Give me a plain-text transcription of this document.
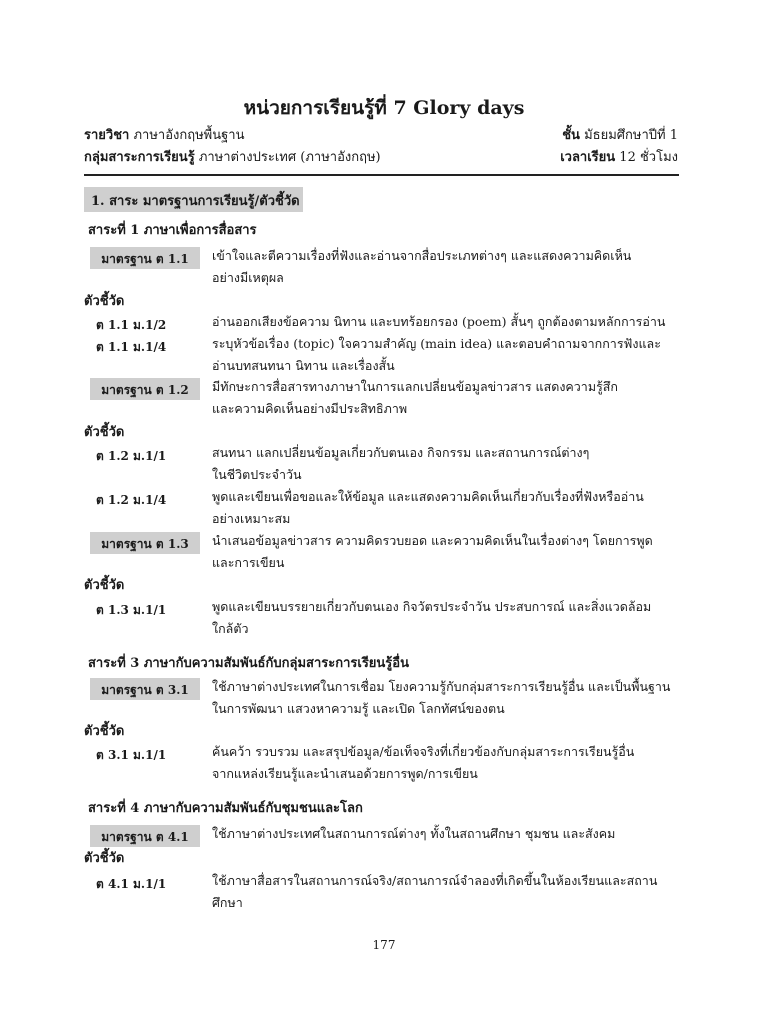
หน่วยการเรียนรู้ที่ 7 Glory days
รายวิชา ภาษาอังกฤษพื้นฐาน	ชั้น มัธยมศึกษาปีที่ 1
กลุ่มสาระการเรียนรู้ ภาษาต่างประเทศ (ภาษาอังกฤษ)	เวลาเรียน 12 ชั่วโมง
1. สาระ มาตรฐานการเรียนรู้/ตัวชี้วัด
สาระที่ 1 ภาษาเพื่อการสื่อสาร
มาตรฐาน ต 1.1	เข้าใจและตีความเรื่องที่ฟังและอ่านจากสื่อประเภทต่างๆ และแสดงความคิดเห็น
อย่างมีเหตุผล
ตัวชี้วัด
ต 1.1 ม.1/2	อ่านออกเสียงข้อความ นิทาน และบทร้อยกรอง (poem) สั้นๆ ถูกต้องตามหลักการอ่าน
ต 1.1 ม.1/4	ระบุหัวข้อเรื่อง (topic) ใจความสำคัญ (main idea) และตอบคำถามจากการฟังและ
อ่านบทสนทนา นิทาน และเรื่องสั้น
มาตรฐาน ต 1.2	มีทักษะการสื่อสารทางภาษาในการแลกเปลี่ยนข้อมูลข่าวสาร แสดงความรู้สึก
และความคิดเห็นอย่างมีประสิทธิภาพ
ตัวชี้วัด
ต 1.2 ม.1/1	สนทนา แลกเปลี่ยนข้อมูลเกี่ยวกับตนเอง กิจกรรม และสถานการณ์ต่างๆ
ในชีวิตประจำวัน
ต 1.2 ม.1/4	พูดและเขียนเพื่อขอและให้ข้อมูล และแสดงความคิดเห็นเกี่ยวกับเรื่องที่ฟังหรืออ่าน
อย่างเหมาะสม
มาตรฐาน ต 1.3	นำเสนอข้อมูลข่าวสาร ความคิดรวบยอด และความคิดเห็นในเรื่องต่างๆ โดยการพูด
และการเขียน
ตัวชี้วัด
ต 1.3 ม.1/1	พูดและเขียนบรรยายเกี่ยวกับตนเอง กิจวัตรประจำวัน ประสบการณ์ และสิ่งแวดล้อม
ใกล้ตัว
สาระที่ 3 ภาษากับความสัมพันธ์กับกลุ่มสาระการเรียนรู้อื่น
มาตรฐาน ต 3.1	ใช้ภาษาต่างประเทศในการเชื่อม โยงความรู้กับกลุ่มสาระการเรียนรู้อื่น และเป็นพื้นฐาน
ในการพัฒนา แสวงหาความรู้ และเปิด โลกทัศน์ของตน
ตัวชี้วัด
ต 3.1 ม.1/1	ค้นคว้า รวบรวม และสรุปข้อมูล/ข้อเท็จจริงที่เกี่ยวข้องกับกลุ่มสาระการเรียนรู้อื่น
จากแหล่งเรียนรู้และนำเสนอด้วยการพูด/การเขียน
สาระที่ 4 ภาษากับความสัมพันธ์กับชุมชนและโลก
มาตรฐาน ต 4.1	ใช้ภาษาต่างประเทศในสถานการณ์ต่างๆ ทั้งในสถานศึกษา ชุมชน และสังคม
ตัวชี้วัด
ต 4.1 ม.1/1	ใช้ภาษาสื่อสารในสถานการณ์จริง/สถานการณ์จำลองที่เกิดขึ้นในห้องเรียนและสถาน
ศึกษา
177
